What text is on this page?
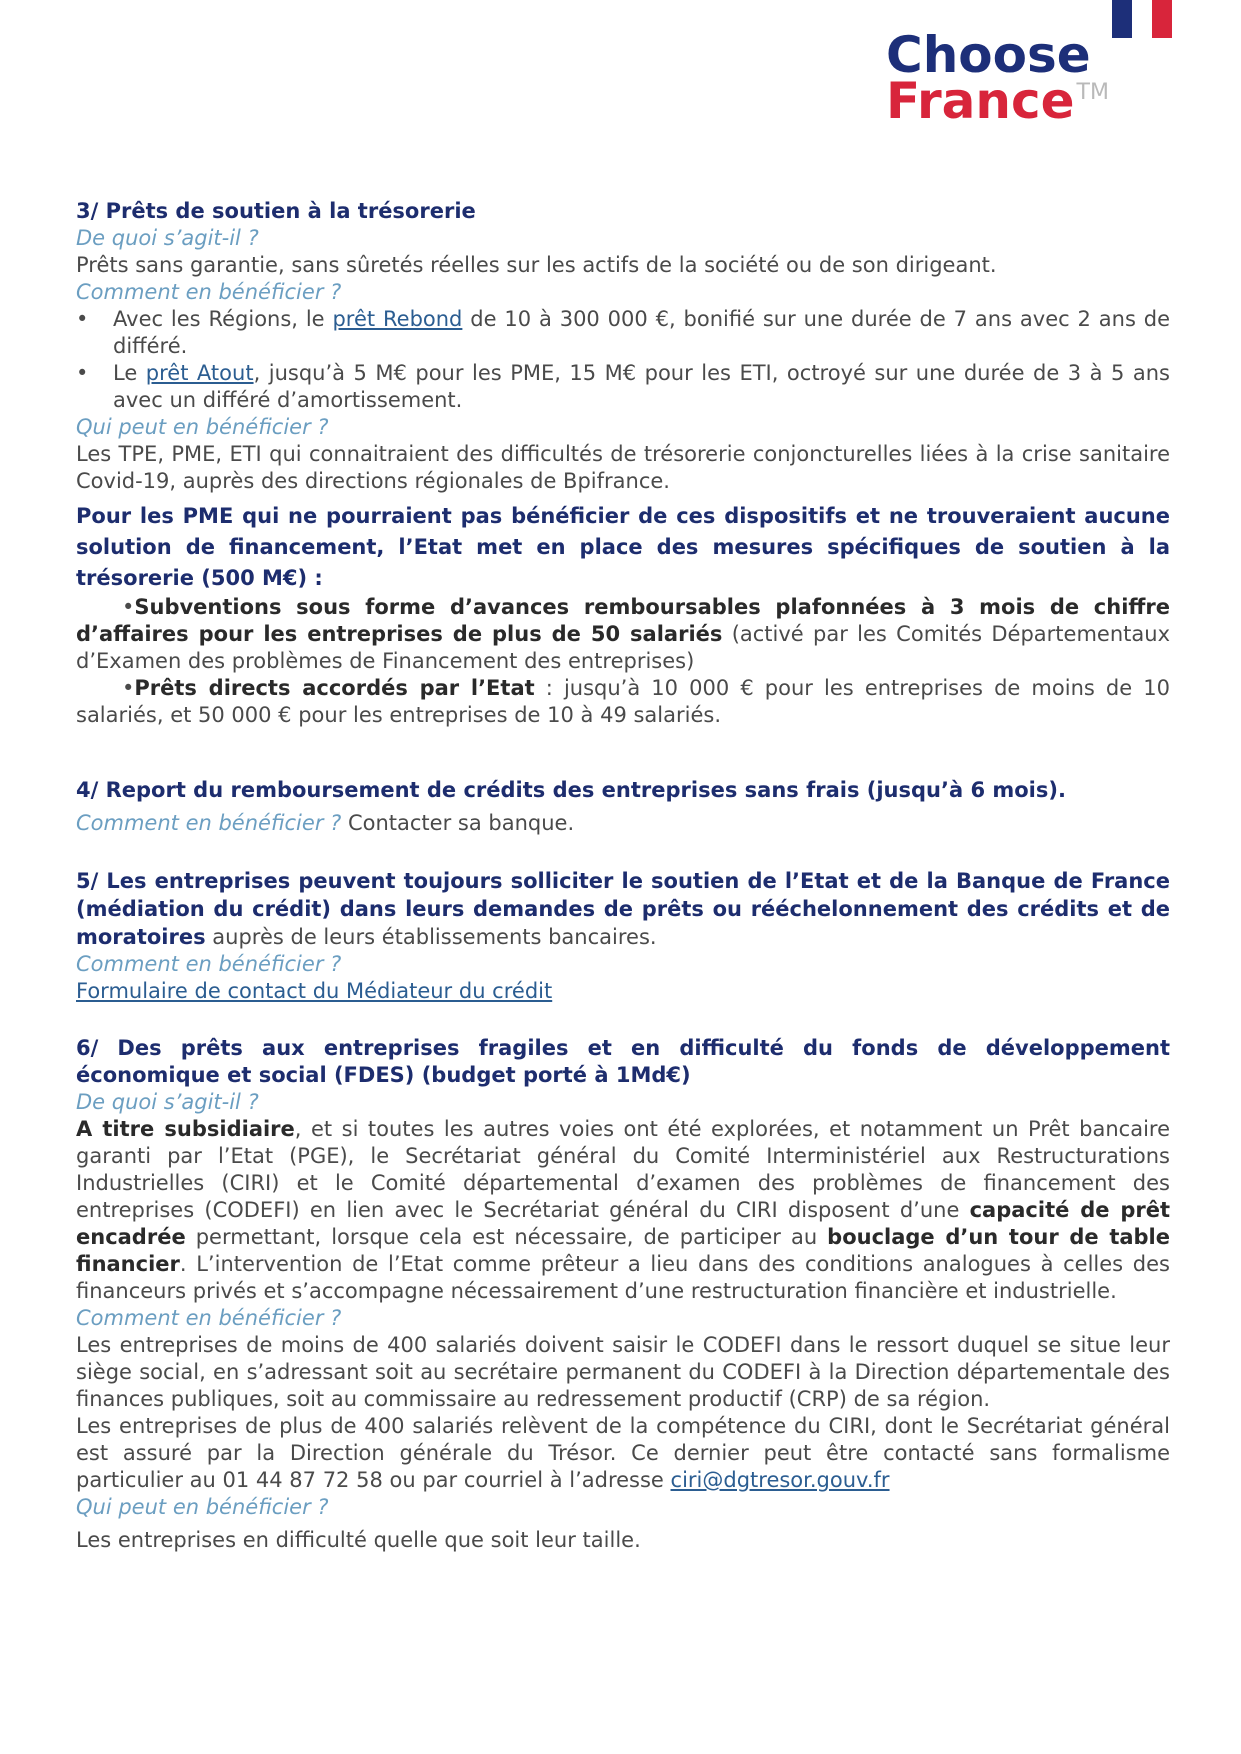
Choose
France™

3/ Prêts de soutien à la trésorerie

De quoi s’agit-il ?

Prêts sans garantie, sans sûretés réelles sur les actifs de la société ou de son dirigeant.

Comment en bénéficier ?

• Avec les Régions, le prêt Rebond de 10 à 300 000 €, bonifié sur une durée de 7 ans avec 2 ans de différé.

• Le prêt Atout, jusqu’à 5 M€ pour les PME, 15 M€ pour les ETI, octroyé sur une durée de 3 à 5 ans avec un différé d’amortissement.

Qui peut en bénéficier ?

Les TPE, PME, ETI qui connaitraient des difficultés de trésorerie conjoncturelles liées à la crise sanitaire Covid-19, auprès des directions régionales de Bpifrance.

Pour les PME qui ne pourraient pas bénéficier de ces dispositifs et ne trouveraient aucune solution de financement, l’Etat met en place des mesures spécifiques de soutien à la trésorerie (500 M€) :

•Subventions sous forme d’avances remboursables plafonnées à 3 mois de chiffre d’affaires pour les entreprises de plus de 50 salariés (activé par les Comités Départementaux d’Examen des problèmes de Financement des entreprises)

•Prêts directs accordés par l’Etat : jusqu’à 10 000 € pour les entreprises de moins de 10 salariés, et 50 000 € pour les entreprises de 10 à 49 salariés.

4/ Report du remboursement de crédits des entreprises sans frais (jusqu’à 6 mois).

Comment en bénéficier ? Contacter sa banque.

5/ Les entreprises peuvent toujours solliciter le soutien de l’Etat et de la Banque de France (médiation du crédit) dans leurs demandes de prêts ou rééchelonnement des crédits et de moratoires auprès de leurs établissements bancaires.

Comment en bénéficier ?

Formulaire de contact du Médiateur du crédit

6/ Des prêts aux entreprises fragiles et en difficulté du fonds de développement économique et social (FDES) (budget porté à 1Md€)

De quoi s’agit-il ?

A titre subsidiaire, et si toutes les autres voies ont été explorées, et notamment un Prêt bancaire garanti par l’Etat (PGE), le Secrétariat général du Comité Interministériel aux Restructurations Industrielles (CIRI) et le Comité départemental d’examen des problèmes de financement des entreprises (CODEFI) en lien avec le Secrétariat général du CIRI disposent d’une capacité de prêt encadrée permettant, lorsque cela est nécessaire, de participer au bouclage d’un tour de table financier. L’intervention de l’Etat comme prêteur a lieu dans des conditions analogues à celles des financeurs privés et s’accompagne nécessairement d’une restructuration financière et industrielle.

Comment en bénéficier ?

Les entreprises de moins de 400 salariés doivent saisir le CODEFI dans le ressort duquel se situe leur siège social, en s’adressant soit au secrétaire permanent du CODEFI à la Direction départementale des finances publiques, soit au commissaire au redressement productif (CRP) de sa région.

Les entreprises de plus de 400 salariés relèvent de la compétence du CIRI, dont le Secrétariat général est assuré par la Direction générale du Trésor. Ce dernier peut être contacté sans formalisme particulier au 01 44 87 72 58 ou par courriel à l’adresse ciri@dgtresor.gouv.fr

Qui peut en bénéficier ?

Les entreprises en difficulté quelle que soit leur taille.
